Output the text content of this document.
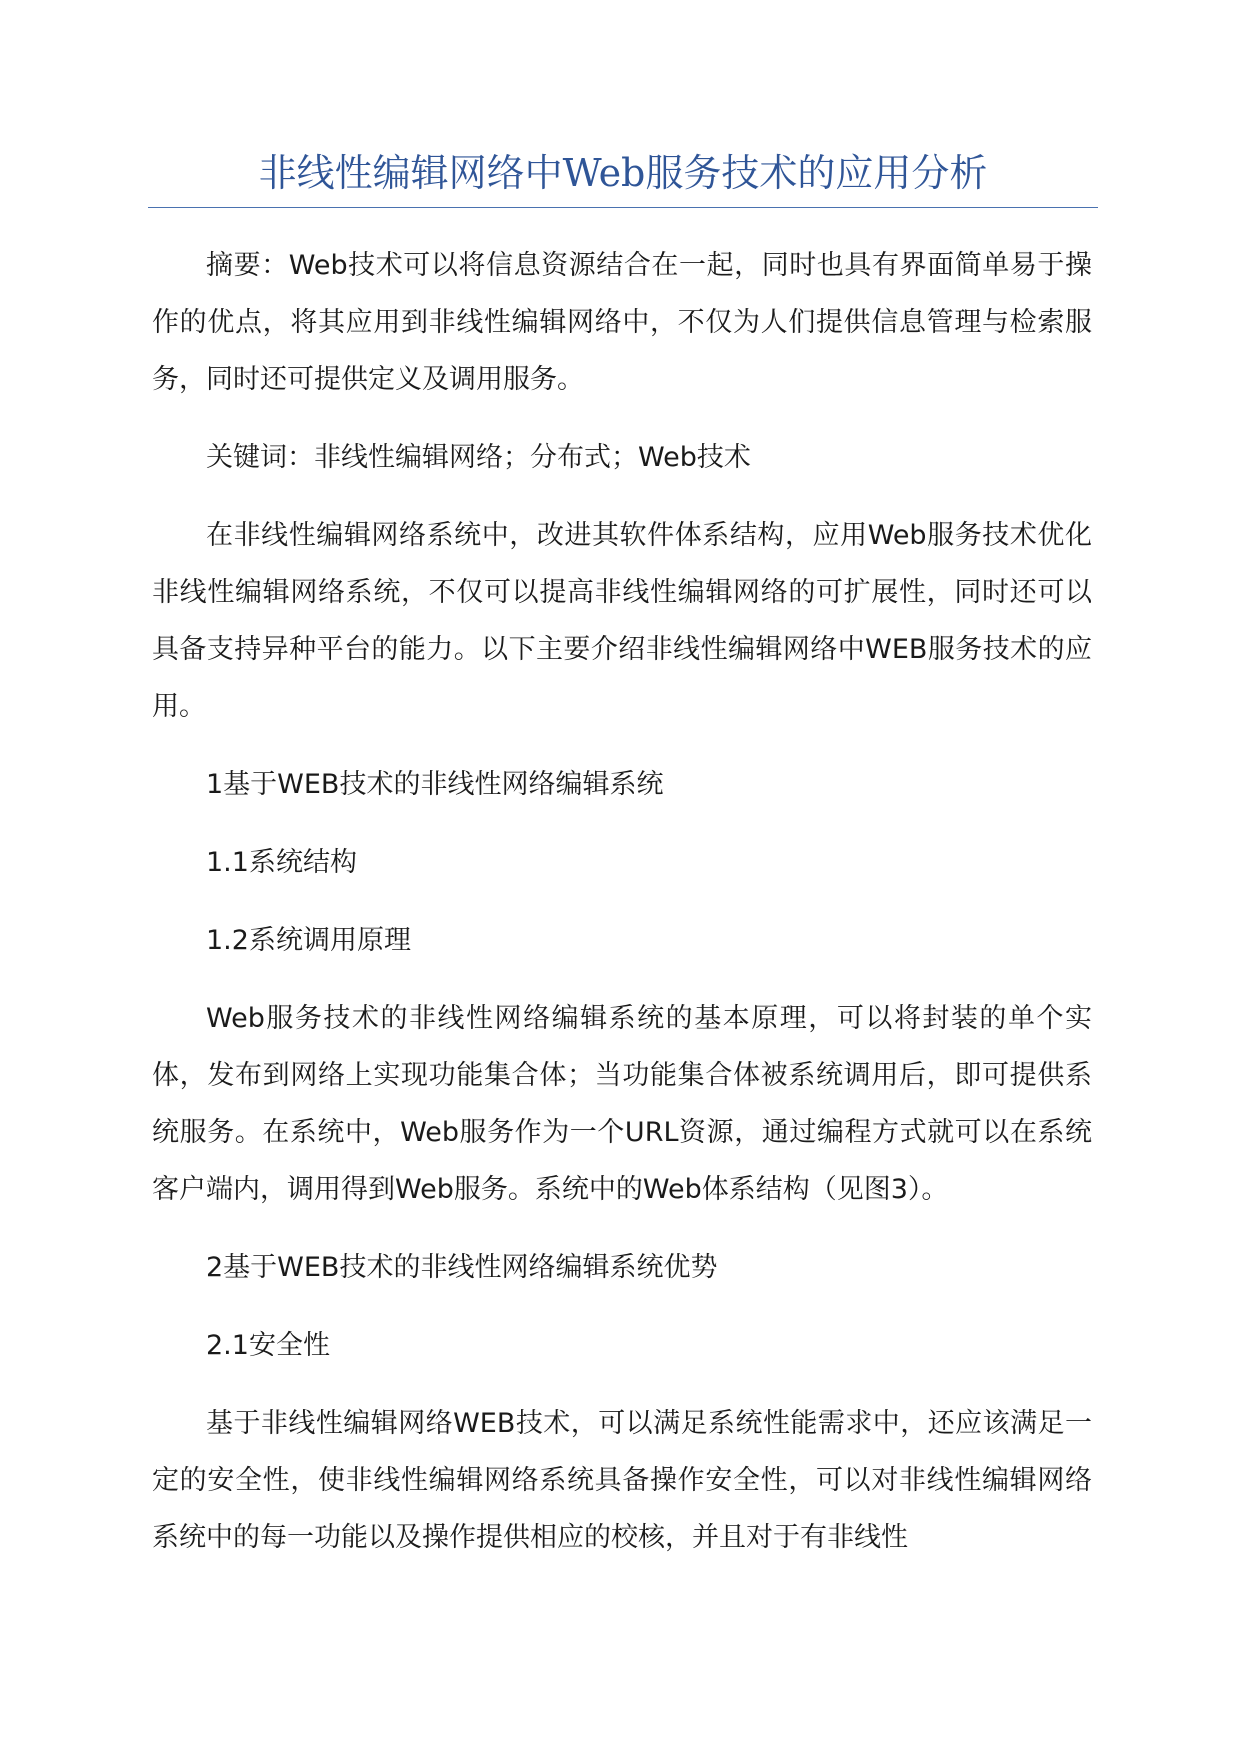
非线性编辑网络中Web服务技术的应用分析

摘要：Web技术可以将信息资源结合在一起，同时也具有界面简单易于操作的优点，将其应用到非线性编辑网络中，不仅为人们提供信息管理与检索服务，同时还可提供定义及调用服务。

关键词：非线性编辑网络；分布式；Web技术

在非线性编辑网络系统中，改进其软件体系结构，应用Web服务技术优化非线性编辑网络系统，不仅可以提高非线性编辑网络的可扩展性，同时还可以具备支持异种平台的能力。以下主要介绍非线性编辑网络中WEB服务技术的应用。

1基于WEB技术的非线性网络编辑系统

1.1系统结构

1.2系统调用原理

Web服务技术的非线性网络编辑系统的基本原理，可以将封装的单个实体，发布到网络上实现功能集合体；当功能集合体被系统调用后，即可提供系统服务。在系统中，Web服务作为一个URL资源，通过编程方式就可以在系统客户端内，调用得到Web服务。系统中的Web体系结构（见图3）。

2基于WEB技术的非线性网络编辑系统优势

2.1安全性

基于非线性编辑网络WEB技术，可以满足系统性能需求中，还应该满足一定的安全性，使非线性编辑网络系统具备操作安全性，可以对非线性编辑网络系统中的每一功能以及操作提供相应的校核，并且对于有非线性
